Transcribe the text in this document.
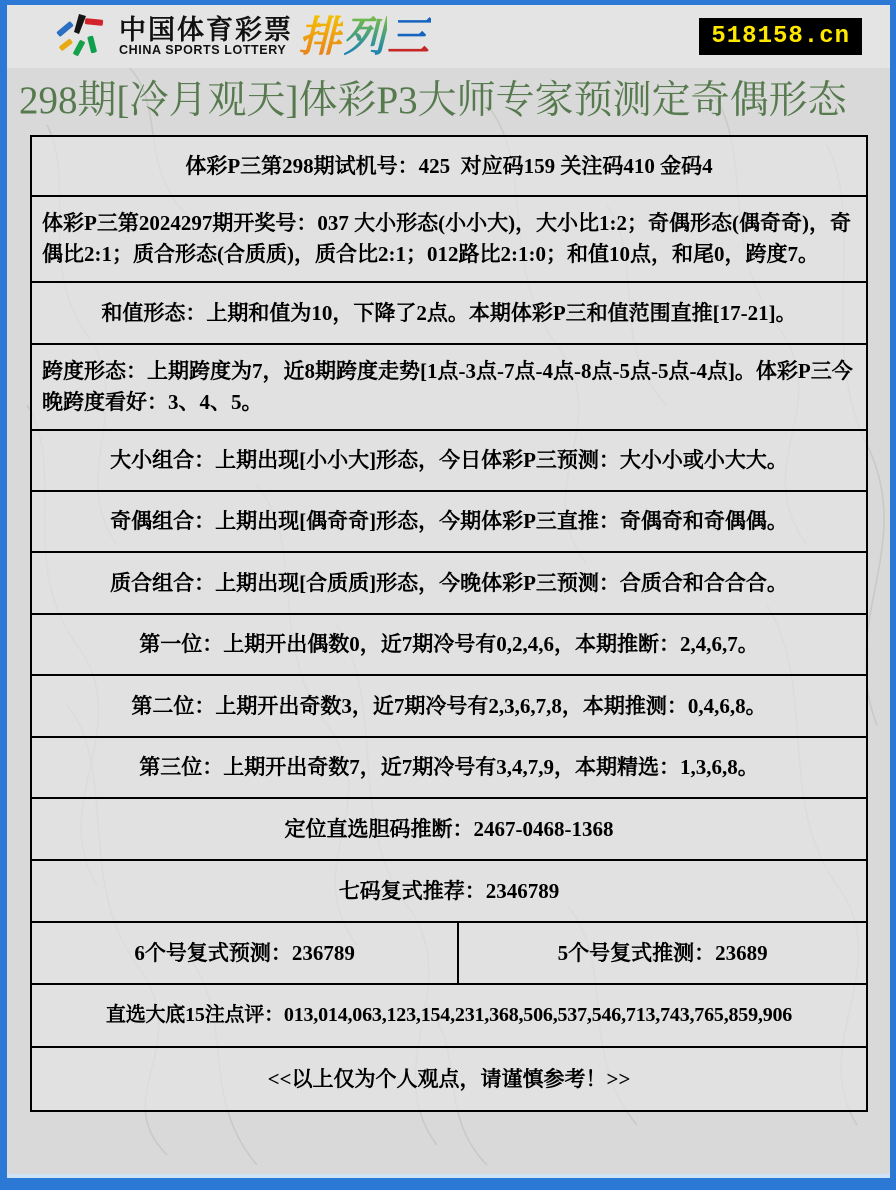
中国体育彩票
CHINA SPORTS LOTTERY 排列三	518158.cn
298期[冷月观天]体彩P3大师专家预测定奇偶形态
体彩P三第298期试机号：425  对应码159 关注码410 金码4
体彩P三第2024297期开奖号：037 大小形态(小小大)，大小比1:2；奇偶形态(偶奇奇)，奇偶比2:1；质合形态(合质质)，质合比2:1；012路比2:1:0；和值10点，和尾0，跨度7。
和值形态：上期和值为10，下降了2点。本期体彩P三和值范围直推[17-21]。
跨度形态：上期跨度为7，近8期跨度走势[1点-3点-7点-4点-8点-5点-5点-4点]。体彩P三今晚跨度看好：3、4、5。
大小组合：上期出现[小小大]形态，今日体彩P三预测：大小小或小大大。
奇偶组合：上期出现[偶奇奇]形态，今期体彩P三直推：奇偶奇和奇偶偶。
质合组合：上期出现[合质质]形态，今晚体彩P三预测：合质合和合合合。
第一位：上期开出偶数0，近7期冷号有0,2,4,6，本期推断：2,4,6,7。
第二位：上期开出奇数3，近7期冷号有2,3,6,7,8，本期推测：0,4,6,8。
第三位：上期开出奇数7，近7期冷号有3,4,7,9，本期精选：1,3,6,8。
定位直选胆码推断：2467-0468-1368
七码复式推荐：2346789
6个号复式预测：236789	5个号复式推测：23689
直选大底15注点评：013,014,063,123,154,231,368,506,537,546,713,743,765,859,906
<<以上仅为个人观点，请谨慎参考！>>
